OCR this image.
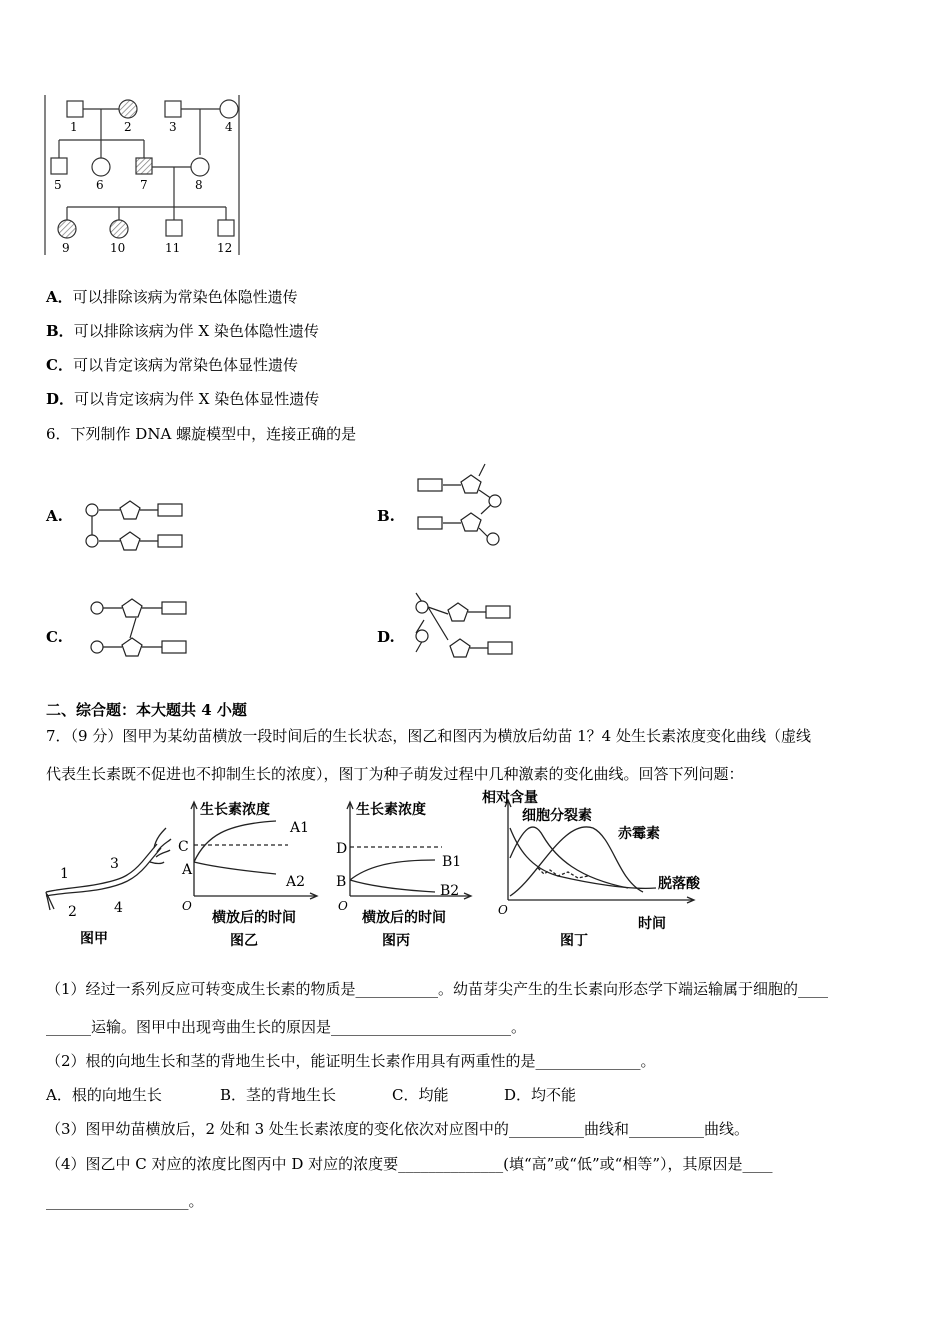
1	2	3	4
5	6	7	8
9	10	11	12
A．可以排除该病为常染色体隐性遗传
B．可以排除该病为伴 X 染色体隐性遗传
C．可以肯定该病为常染色体显性遗传
D．可以肯定该病为伴 X 染色体显性遗传
6．下列制作 DNA 螺旋模型中，连接正确的是
A.	B.
C.	D.
二、综合题：本大题共 4 小题
7．（9 分）图甲为某幼苗横放一段时间后的生长状态，图乙和图丙为横放后幼苗 1？4 处生长素浓度变化曲线（虚线
代表生长素既不促进也不抑制生长的浓度），图丁为种子萌发过程中几种激素的变化曲线。回答下列问题：
1
2
3
4
图甲
生长素浓度
A1
A2
C
A
O
横放后的时间
图乙
生长素浓度
B1
B2
D
B
O
横放后的时间
图丙
相对含量
细胞分裂素
赤霉素
脱落酸
时间
O
图丁
（1）经过一系列反应可转变成生长素的物质是___________。幼苗芽尖产生的生长素向形态学下端运输属于细胞的____
______运输。图甲中出现弯曲生长的原因是________________________。
（2）根的向地生长和茎的背地生长中，能证明生长素作用具有两重性的是______________。
A．根的向地生长	B．茎的背地生长	C．均能	D．均不能
（3）图甲幼苗横放后，2 处和 3 处生长素浓度的变化依次对应图中的__________曲线和__________曲线。
（4）图乙中 C 对应的浓度比图丙中 D 对应的浓度要______________(填“高”或“低”或“相等”），其原因是____
___________________。
